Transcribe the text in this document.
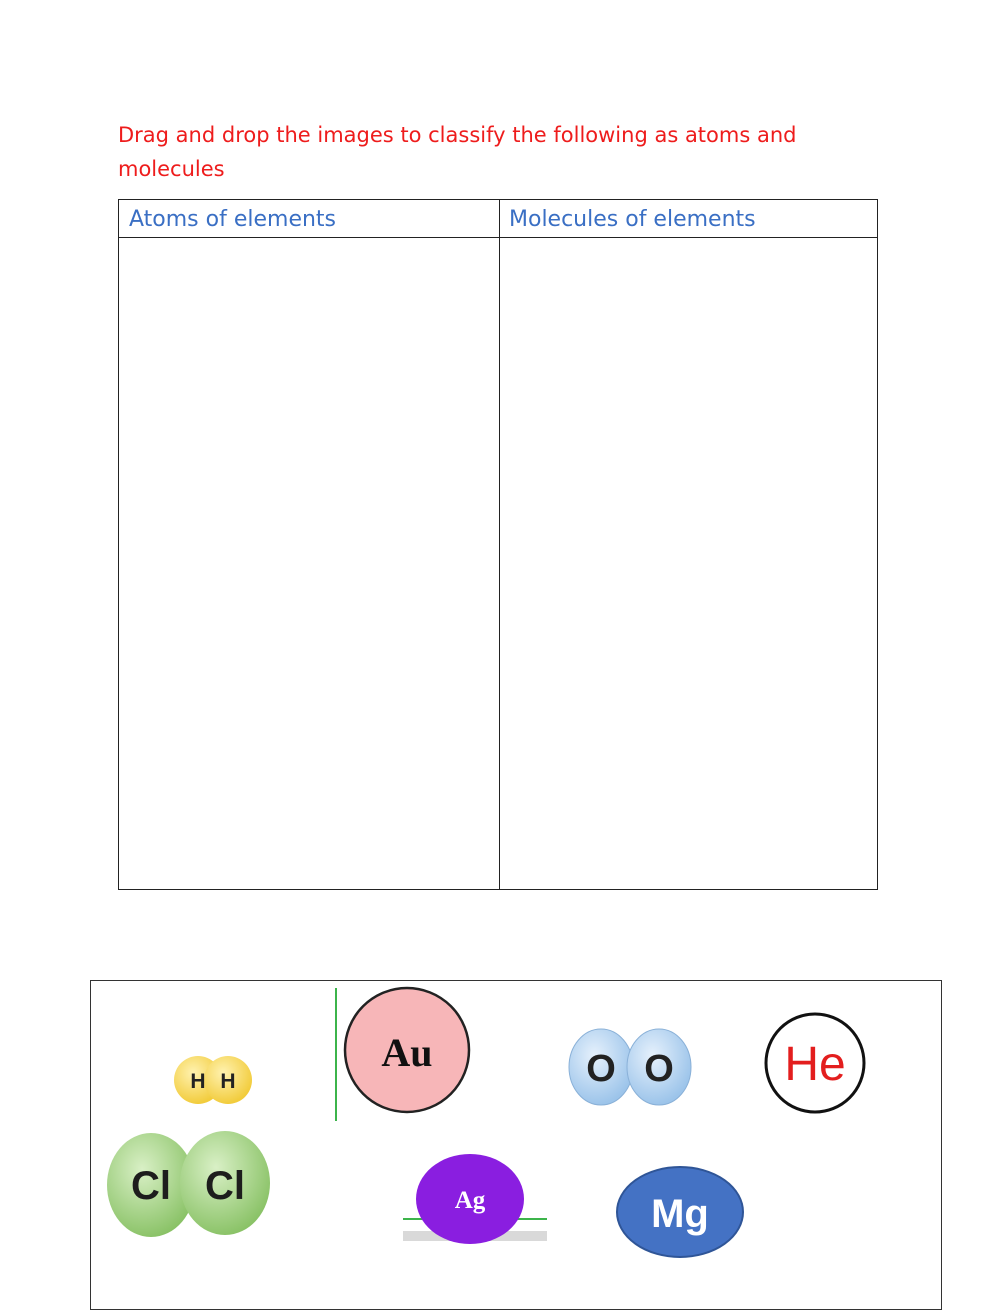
Drag and drop the images to classify the following as atoms and
molecules
Atoms of elements	Molecules of elements
H H
Au	O O He
Cl Cl	Ag	Mg
